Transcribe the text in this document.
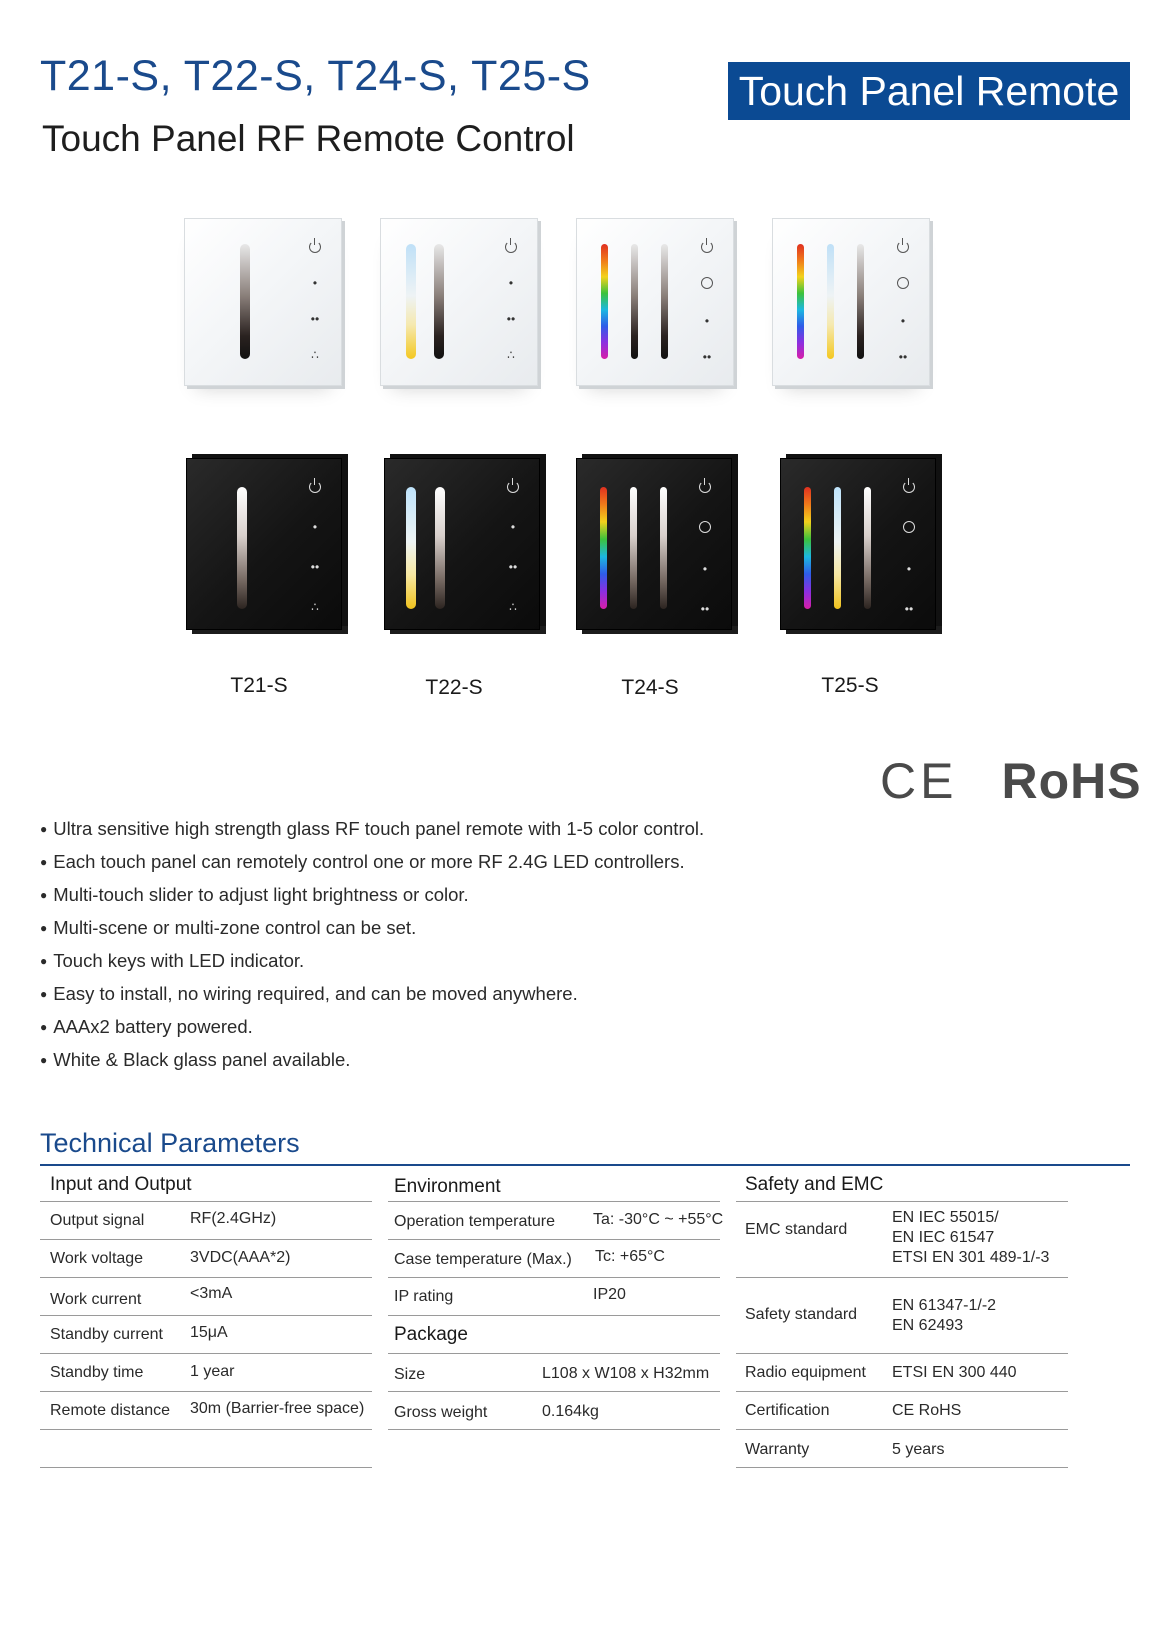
T21-S, T22-S, T24-S, T25-S
Touch Panel RF Remote Control
Touch Panel Remote
•
••
∴
•
••
∴
•
••
•
••
•
••
∴
•
••
∴
•
••
•
••
T21-S	T22-S	T24-S	T25-S
CE RoHS
● Ultra sensitive high strength glass RF touch panel remote with 1-5 color control.
● Each touch panel can remotely control one or more RF 2.4G LED controllers.
● Multi-touch slider to adjust light brightness or color.
● Multi-scene or multi-zone control can be set.
● Touch keys with LED indicator.
● Easy to install, no wiring required, and can be moved anywhere.
● AAAx2 battery powered.
● White & Black glass panel available.
Technical Parameters
Input and Output
Output signal	RF(2.4GHz)
Work voltage	3VDC(AAA*2)
Work current	<3mA
Standby current 15μA
Standby time	1 year
Remote distance 30m (Barrier-free space)
Environment
Operation temperature Ta: -30°C ~ +55°C
Case temperature (Max.) Tc: +65°C
IP rating	IP20
Package
Size	L108 x W108 x H32mm
Gross weight	0.164kg
Safety and EMC
EMC standard
EN IEC 55015/
EN IEC 61547
ETSI EN 301 489-1/-3
Safety standard
EN 61347-1/-2
EN 62493
Radio equipment ETSI EN 300 440
Certification	CE RoHS
Warranty	5 years
